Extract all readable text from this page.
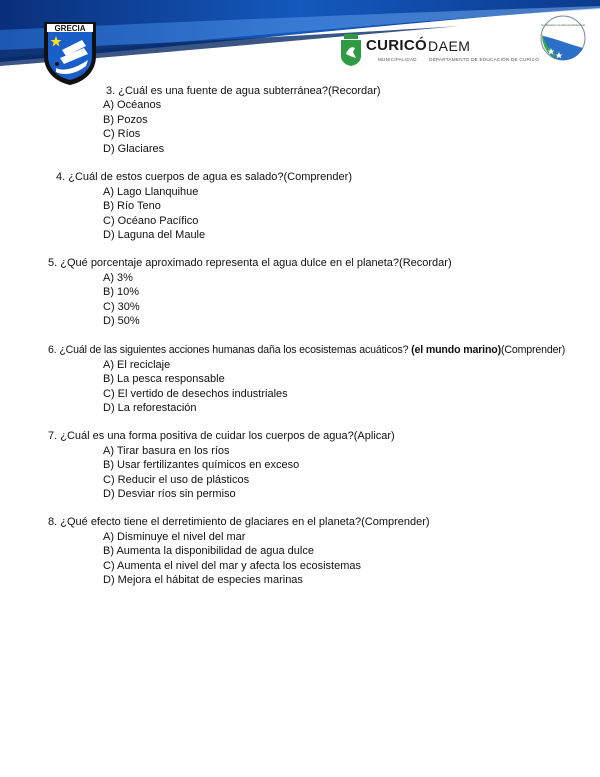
GRECIA
CURICÓ
MUNICIPALIDAD
DAEM
DEPARTAMENTO DE EDUCACIÓN DE CURICÓ
Certificación Ambiental Municipal
3. ¿Cuál es una fuente de agua subterránea?(Recordar)
A) Océanos
B) Pozos
C) Ríos
D) Glaciares
4. ¿Cuál de estos cuerpos de agua es salado?(Comprender)
A) Lago Llanquihue
B) Río Teno
C) Océano Pacífico
D) Laguna del Maule
5. ¿Qué porcentaje aproximado representa el agua dulce en el planeta?(Recordar)
A) 3%
B) 10%
C) 30%
D) 50%
6. ¿Cuál de las siguientes acciones humanas daña los ecosistemas acuáticos? (el mundo marino)(Comprender)
A) El reciclaje
B) La pesca responsable
C) El vertido de desechos industriales
D) La reforestación
7. ¿Cuál es una forma positiva de cuidar los cuerpos de agua?(Aplicar)
A) Tirar basura en los ríos
B) Usar fertilizantes químicos en exceso
C) Reducir el uso de plásticos
D) Desviar ríos sin permiso
8. ¿Qué efecto tiene el derretimiento de glaciares en el planeta?(Comprender)
A) Disminuye el nivel del mar
B) Aumenta la disponibilidad de agua dulce
C) Aumenta el nivel del mar y afecta los ecosistemas
D) Mejora el hábitat de especies marinas
